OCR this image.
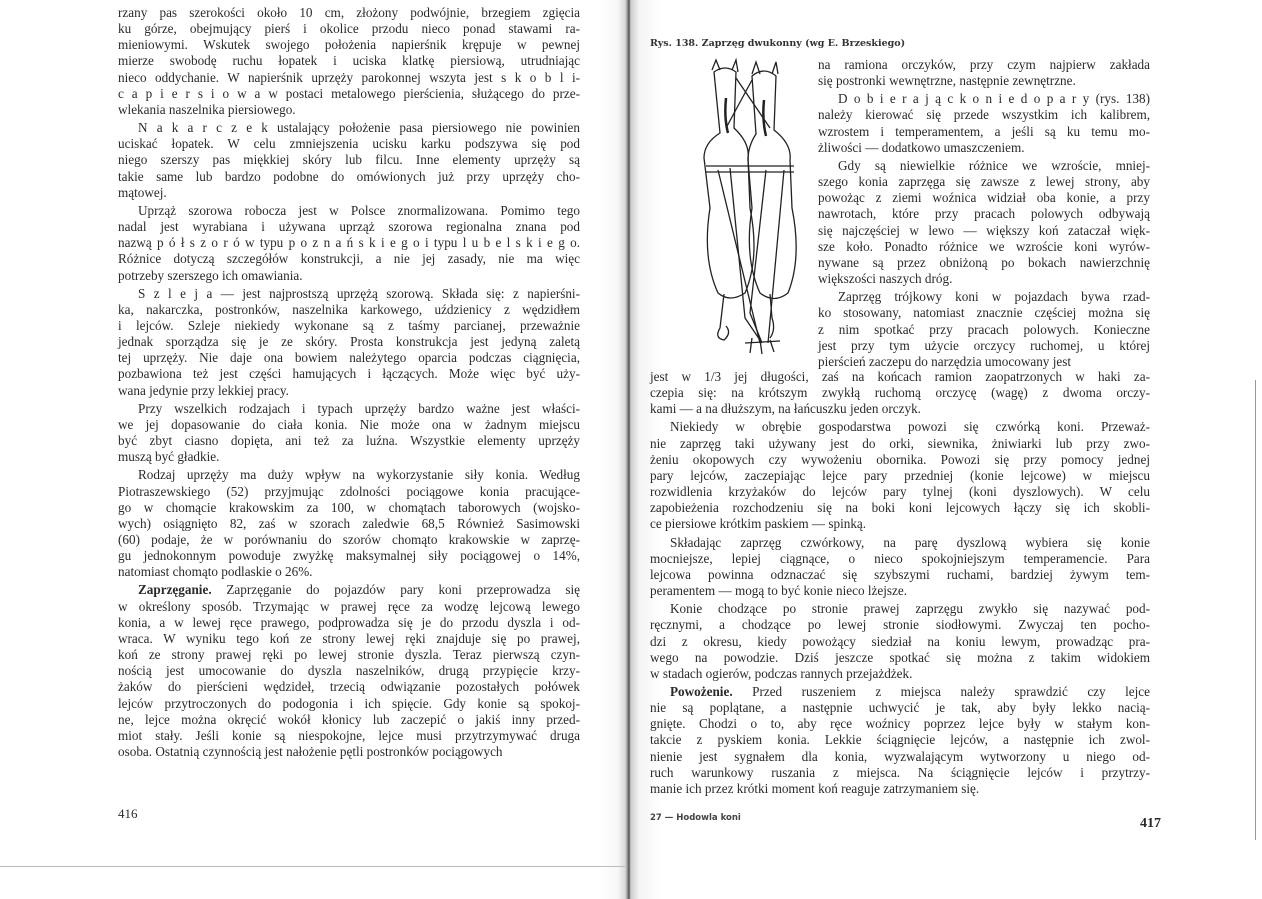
rzany pas szerokości około 10 cm, złożony podwójnie, brzegiem zgięcia
ku górze, obejmujący pierś i okolice przodu nieco ponad stawami ra-
mieniowymi. Wskutek swojego położenia napierśnik krępuje w pewnej
mierze swobodę ruchu łopatek i uciska klatkę piersiową, utrudniając
nieco oddychanie. W napierśnik uprzęży parokonnej wszyta jest s k o b l i-
c a p i e r s i o w a w postaci metalowego pierścienia, służącego do prze-
wlekania naszelnika piersiowego.
N a k a r c z e k ustalający położenie pasa piersiowego nie powinien
uciskać łopatek. W celu zmniejszenia ucisku karku podszywa się pod
niego szerszy pas miękkiej skóry lub filcu. Inne elementy uprzęży są
takie same lub bardzo podobne do omówionych już przy uprzęży cho-
mątowej.
Uprząż szorowa robocza jest w Polsce znormalizowana. Pomimo tego
nadal jest wyrabiana i używana uprząż szorowa regionalna znana pod
nazwą p ó ł s z o r ó w typu p o z n a ń s k i e g o i typu l u b e l s k i e g o.
Różnice dotyczą szczegółów konstrukcji, a nie jej zasady, nie ma więc
potrzeby szerszego ich omawiania.
S z l e j a — jest najprostszą uprzężą szorową. Składa się: z napierśni-
ka, nakarczka, postronków, naszelnika karkowego, uździenicy z wędzidłem
i lejców. Szleje niekiedy wykonane są z taśmy parcianej, przeważnie
jednak sporządza się je ze skóry. Prosta konstrukcja jest jedyną zaletą
tej uprzęży. Nie daje ona bowiem należytego oparcia podczas ciągnięcia,
pozbawiona też jest części hamujących i łączących. Może więc być uży-
wana jedynie przy lekkiej pracy.
Przy wszelkich rodzajach i typach uprzęży bardzo ważne jest właści-
we jej dopasowanie do ciała konia. Nie może ona w żadnym miejscu
być zbyt ciasno dopięta, ani też za luźna. Wszystkie elementy uprzęży
muszą być gładkie.
Rodzaj uprzęży ma duży wpływ na wykorzystanie siły konia. Według
Piotraszewskiego (52) przyjmując zdolności pociągowe konia pracujące-
go w chomącie krakowskim za 100, w chomątach taborowych (wojsko-
wych) osiągnięto 82, zaś w szorach zaledwie 68,5 Również Sasimowski
(60) podaje, że w porównaniu do szorów chomąto krakowskie w zaprzę-
gu jednokonnym powoduje zwyżkę maksymalnej siły pociągowej o 14%,
natomiast chomąto podlaskie o 26%.
Zaprzęganie. Zaprzęganie do pojazdów pary koni przeprowadza się
w określony sposób. Trzymając w prawej ręce za wodzę lejcową lewego
konia, a w lewej ręce prawego, podprowadza się je do przodu dyszla i od-
wraca. W wyniku tego koń ze strony lewej ręki znajduje się po prawej,
koń ze strony prawej ręki po lewej stronie dyszla. Teraz pierwszą czyn-
nością jest umocowanie do dyszla naszelników, drugą przypięcie krzy-
żaków do pierścieni wędzideł, trzecią odwiązanie pozostałych połówek
lejców przytroczonych do podogonia i ich spięcie. Gdy konie są spokoj-
ne, lejce można okręcić wokół kłonicy lub zaczepić o jakiś inny przed-
miot stały. Jeśli konie są niespokojne, lejce musi przytrzymywać druga
osoba. Ostatnią czynnością jest nałożenie pętli postronków pociągowych
416
Rys. 138. Zaprzęg dwukonny (wg E. Brzeskiego)
na ramiona orczyków, przy czym najpierw zakłada
się postronki wewnętrzne, następnie zewnętrzne.
D o b i e r a j ą c k o n i e d o p a r y (rys. 138)
należy kierować się przede wszystkim ich kalibrem,
wzrostem i temperamentem, a jeśli są ku temu mo-
żliwości — dodatkowo umaszczeniem.
Gdy są niewielkie różnice we wzroście, mniej-
szego konia zaprzęga się zawsze z lewej strony, aby
powożąc z ziemi woźnica widział oba konie, a przy
nawrotach, które przy pracach polowych odbywają
się najczęściej w lewo — większy koń zataczał więk-
sze koło. Ponadto różnice we wzroście koni wyrów-
nywane są przez obniżoną po bokach nawierzchnię
większości naszych dróg.
Zaprzęg trójkowy koni w pojazdach bywa rzad-
ko stosowany, natomiast znacznie częściej można się
z nim spotkać przy pracach polowych. Konieczne
jest przy tym użycie orczycy ruchomej, u której
pierścień zaczepu do narzędzia umocowany jest
jest w 1/3 jej długości, zaś na końcach ramion zaopatrzonych w haki za-
czepia się: na krótszym zwykłą ruchomą orczycę (wagę) z dwoma orczy-
kami — a na dłuższym, na łańcuszku jeden orczyk.
Niekiedy w obrębie gospodarstwa powozi się czwórką koni. Przeważ-
nie zaprzęg taki używany jest do orki, siewnika, żniwiarki lub przy zwo-
żeniu okopowych czy wywożeniu obornika. Powozi się przy pomocy jednej
pary lejców, zaczepiając lejce pary przedniej (konie lejcowe) w miejscu
rozwidlenia krzyżaków do lejców pary tylnej (koni dyszlowych). W celu
zapobieżenia rozchodzeniu się na boki koni lejcowych łączy się ich skobli-
ce piersiowe krótkim paskiem — spinką.
Składając zaprzęg czwórkowy, na parę dyszlową wybiera się konie
mocniejsze, lepiej ciągnące, o nieco spokojniejszym temperamencie. Para
lejcowa powinna odznaczać się szybszymi ruchami, bardziej żywym tem-
peramentem — mogą to być konie nieco lżejsze.
Konie chodzące po stronie prawej zaprzęgu zwykło się nazywać pod-
ręcznymi, a chodzące po lewej stronie siodłowymi. Zwyczaj ten pocho-
dzi z okresu, kiedy powożący siedział na koniu lewym, prowadząc pra-
wego na powodzie. Dziś jeszcze spotkać się można z takim widokiem
w stadach ogierów, podczas rannych przejażdżek.
Powożenie. Przed ruszeniem z miejsca należy sprawdzić czy lejce
nie są poplątane, a następnie uchwycić je tak, aby były lekko nacią-
gnięte. Chodzi o to, aby ręce woźnicy poprzez lejce były w stałym kon-
takcie z pyskiem konia. Lekkie ściągnięcie lejców, a następnie ich zwol-
nienie jest sygnałem dla konia, wyzwalającym wytworzony u niego od-
ruch warunkowy ruszania z miejsca. Na ściągnięcie lejców i przytrzy-
manie ich przez krótki moment koń reaguje zatrzymaniem się.
27 — Hodowla koni	417
